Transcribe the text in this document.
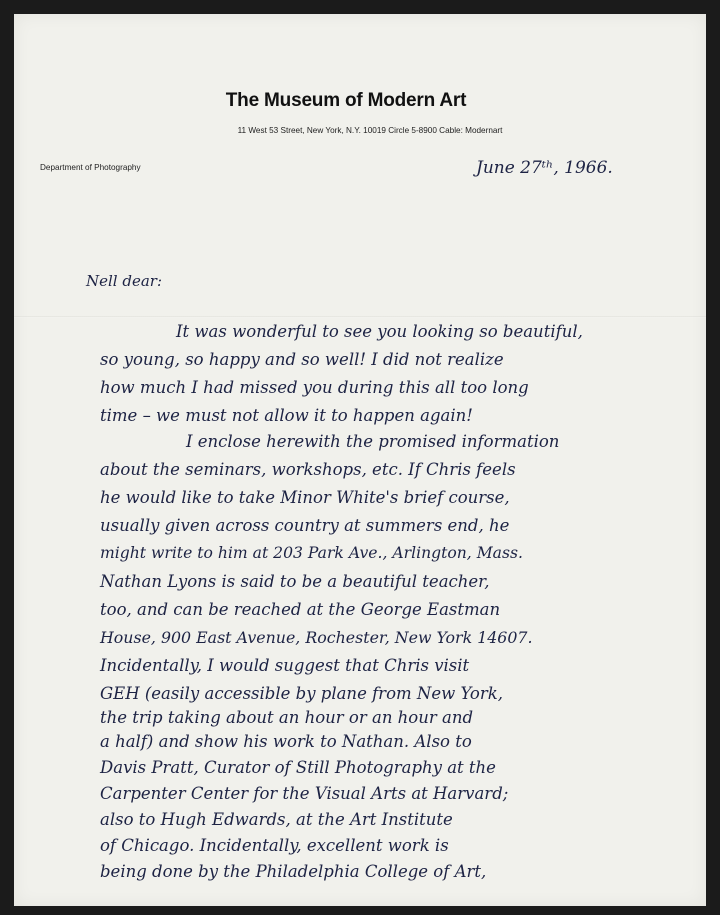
The Museum of Modern Art
11 West 53 Street, New York, N.Y. 10019 Circle 5-8900 Cable: Modernart
Department of Photography	June 27ᵗʰ, 1966.
Nell dear:
It was wonderful to see you looking so beautiful,
so young, so happy and so well! I did not realize
how much I had missed you during this all too long
time – we must not allow it to happen again!
I enclose herewith the promised information
about the seminars, workshops, etc. If Chris feels
he would like to take Minor White's brief course,
usually given across country at summers end, he
might write to him at 203 Park Ave., Arlington, Mass.
Nathan Lyons is said to be a beautiful teacher,
too, and can be reached at the George Eastman
House, 900 East Avenue, Rochester, New York 14607.
Incidentally, I would suggest that Chris visit
GEH (easily accessible by plane from New York,
the trip taking about an hour or an hour and
a half) and show his work to Nathan. Also to
Davis Pratt, Curator of Still Photography at the
Carpenter Center for the Visual Arts at Harvard;
also to Hugh Edwards, at the Art Institute
of Chicago. Incidentally, excellent work is
being done by the Philadelphia College of Art,
